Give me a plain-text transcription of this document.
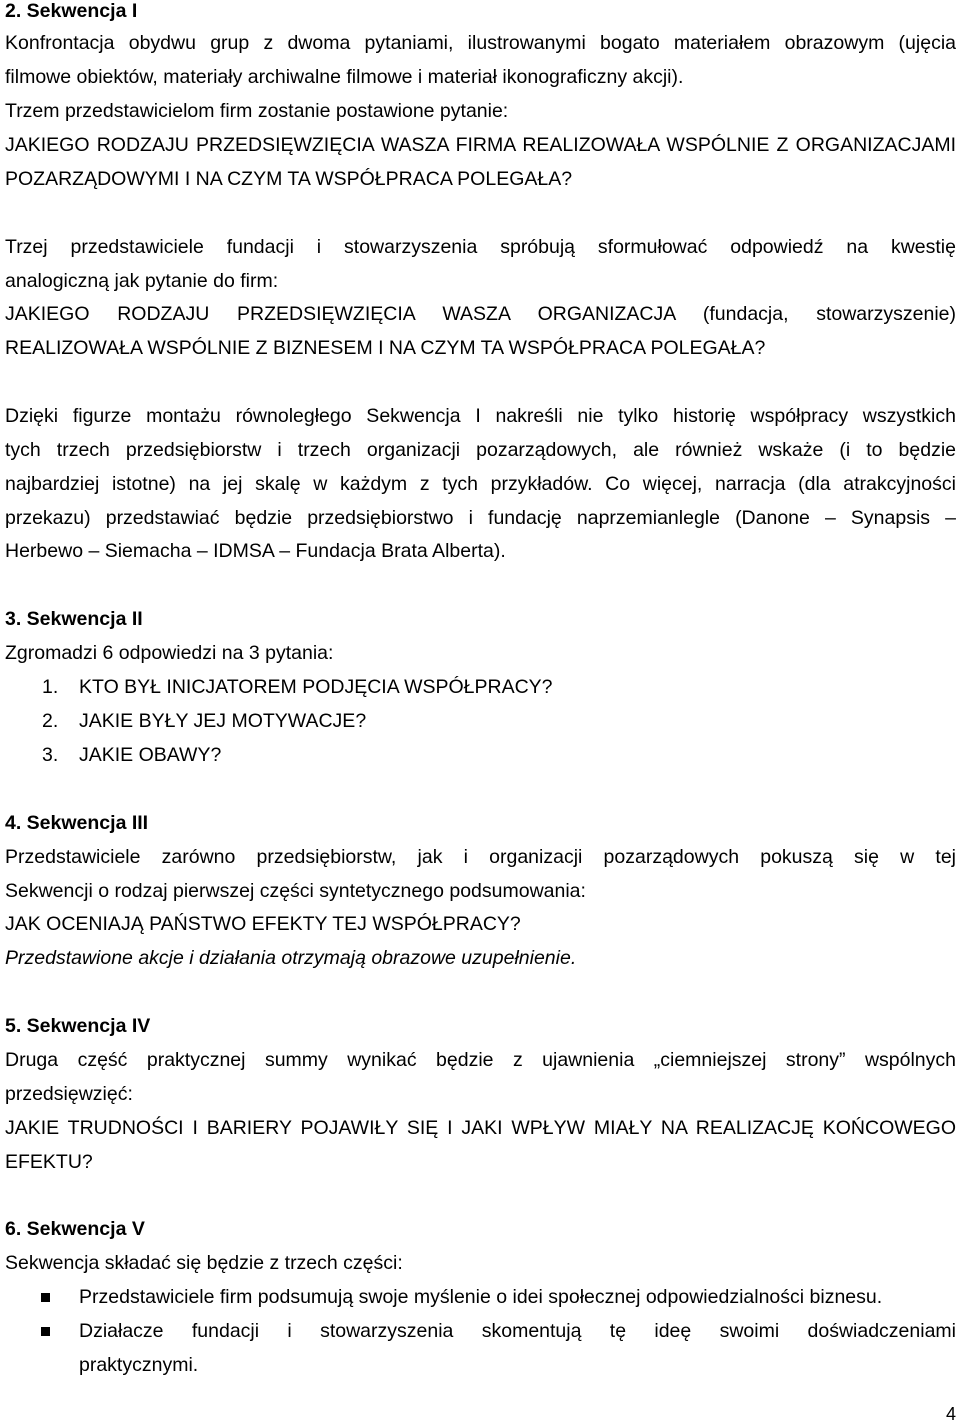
2. Sekwencja I
Konfrontacja obydwu grup z dwoma pytaniami, ilustrowanymi bogato materiałem obrazowym (ujęcia
filmowe obiektów, materiały archiwalne filmowe i materiał ikonograficzny akcji).
Trzem przedstawicielom firm zostanie postawione pytanie:
JAKIEGO RODZAJU PRZEDSIĘWZIĘCIA WASZA FIRMA REALIZOWAŁA WSPÓLNIE Z ORGANIZACJAMI
POZARZĄDOWYMI I NA CZYM TA WSPÓŁPRACA POLEGAŁA?
Trzej przedstawiciele fundacji i stowarzyszenia spróbują sformułować odpowiedź na kwestię
analogiczną jak pytanie do firm:
JAKIEGO RODZAJU PRZEDSIĘWZIĘCIA WASZA ORGANIZACJA (fundacja, stowarzyszenie)
REALIZOWAŁA WSPÓLNIE Z BIZNESEM I NA CZYM TA WSPÓŁPRACA POLEGAŁA?
Dzięki figurze montażu równoległego Sekwencja I nakreśli nie tylko historię współpracy wszystkich
tych trzech przedsiębiorstw i trzech organizacji pozarządowych, ale również wskaże (i to będzie
najbardziej istotne) na jej skalę w każdym z tych przykładów. Co więcej, narracja (dla atrakcyjności
przekazu) przedstawiać będzie przedsiębiorstwo i fundację naprzemianlegle (Danone – Synapsis –
Herbewo – Siemacha – IDMSA – Fundacja Brata Alberta).
3. Sekwencja II
Zgromadzi 6 odpowiedzi na 3 pytania:
1.	KTO BYŁ INICJATOREM PODJĘCIA WSPÓŁPRACY?
2.	JAKIE BYŁY JEJ MOTYWACJE?
3.	JAKIE OBAWY?
4. Sekwencja III
Przedstawiciele zarówno przedsiębiorstw, jak i organizacji pozarządowych pokuszą się w tej
Sekwencji o rodzaj pierwszej części syntetycznego podsumowania:
JAK OCENIAJĄ PAŃSTWO EFEKTY TEJ WSPÓŁPRACY?
Przedstawione akcje i działania otrzymają obrazowe uzupełnienie.
5. Sekwencja IV
Druga część praktycznej summy wynikać będzie z ujawnienia „ciemniejszej strony” wspólnych
przedsięwzięć:
JAKIE TRUDNOŚCI I BARIERY POJAWIŁY SIĘ I JAKI WPŁYW MIAŁY NA REALIZACJĘ KOŃCOWEGO
EFEKTU?
6. Sekwencja V
Sekwencja składać się będzie z trzech części:
Przedstawiciele firm podsumują swoje myślenie o idei społecznej odpowiedzialności biznesu.
Działacze fundacji i stowarzyszenia skomentują tę ideę swoimi doświadczeniami
praktycznymi.
4
